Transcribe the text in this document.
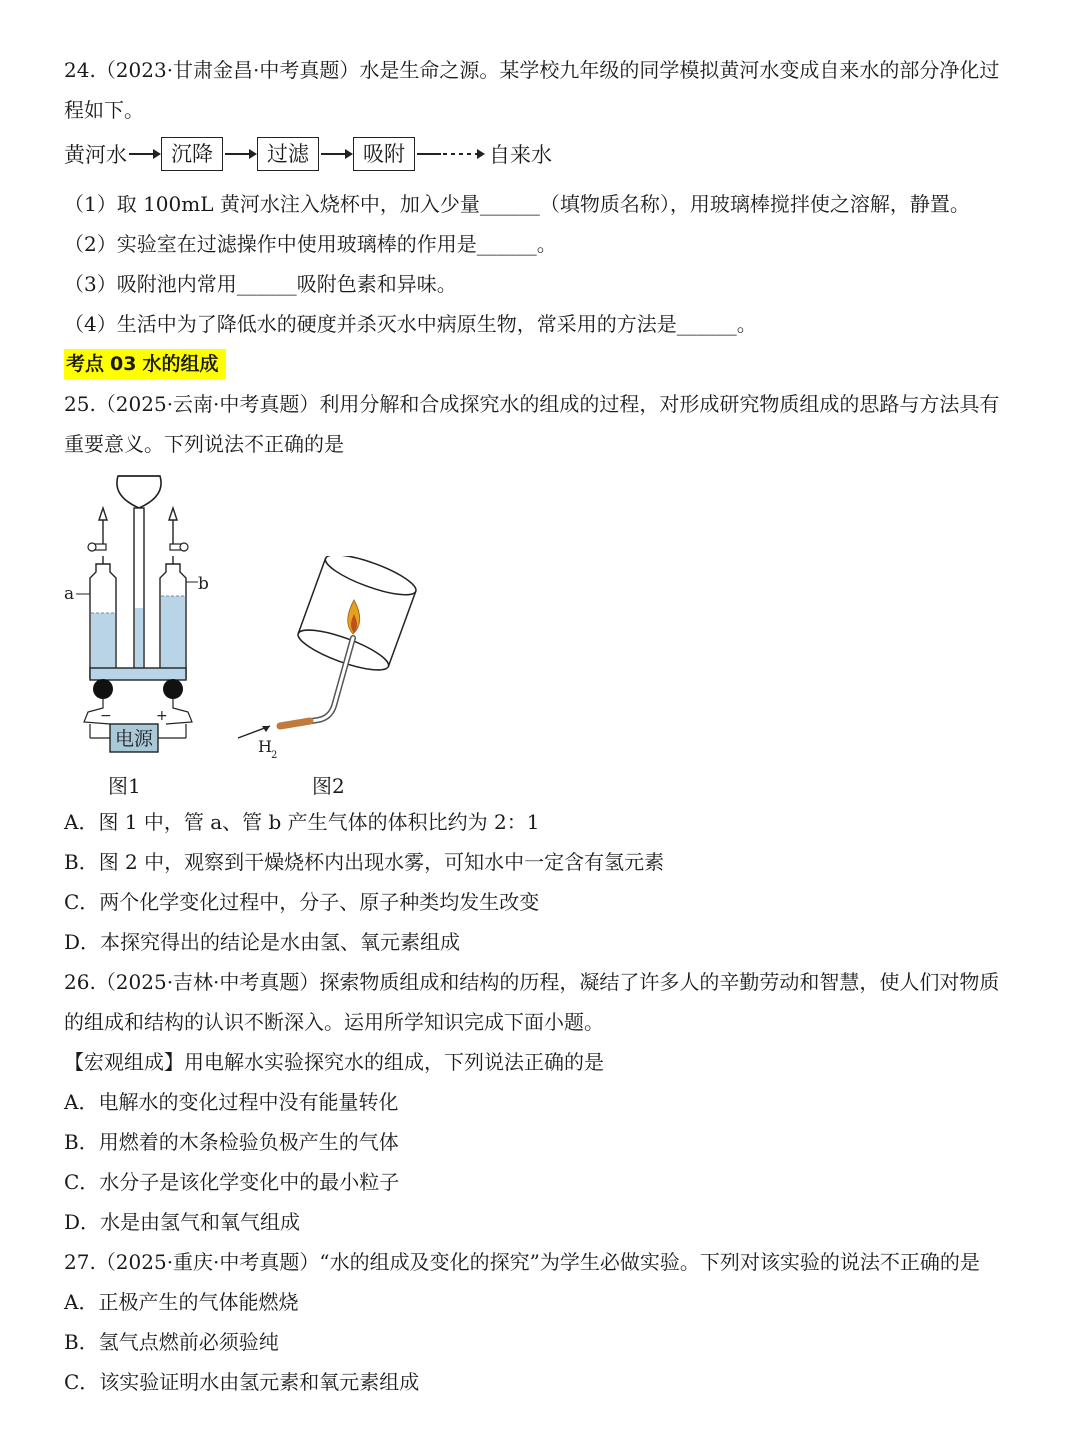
24.（2023·甘肃金昌·中考真题）水是生命之源。某学校九年级的同学模拟黄河水变成自来水的部分净化过
程如下。
黄河水	沉降	过滤	吸附	自来水
（1）取 100mL 黄河水注入烧杯中，加入少量______（填物质名称），用玻璃棒搅拌使之溶解，静置。
（2）实验室在过滤操作中使用玻璃棒的作用是______。
（3）吸附池内常用______吸附色素和异味。
（4）生活中为了降低水的硬度并杀灭水中病原生物，常采用的方法是______。
考点 03 水的组成
25.（2025·云南·中考真题）利用分解和合成探究水的组成的过程，对形成研究物质组成的思路与方法具有
重要意义。下列说法不正确的是
a	b
−	+
电源
图1
H 2
图2
A．图 1 中，管 a、管 b 产生气体的体积比约为 2：1
B．图 2 中，观察到干燥烧杯内出现水雾，可知水中一定含有氢元素
C．两个化学变化过程中，分子、原子种类均发生改变
D．本探究得出的结论是水由氢、氧元素组成
26.（2025·吉林·中考真题）探索物质组成和结构的历程，凝结了许多人的辛勤劳动和智慧，使人们对物质
的组成和结构的认识不断深入。运用所学知识完成下面小题。
【宏观组成】用电解水实验探究水的组成，下列说法正确的是
A．电解水的变化过程中没有能量转化
B．用燃着的木条检验负极产生的气体
C．水分子是该化学变化中的最小粒子
D．水是由氢气和氧气组成
27.（2025·重庆·中考真题）“水的组成及变化的探究”为学生必做实验。下列对该实验的说法不正确的是
A．正极产生的气体能燃烧
B．氢气点燃前必须验纯
C．该实验证明水由氢元素和氧元素组成
